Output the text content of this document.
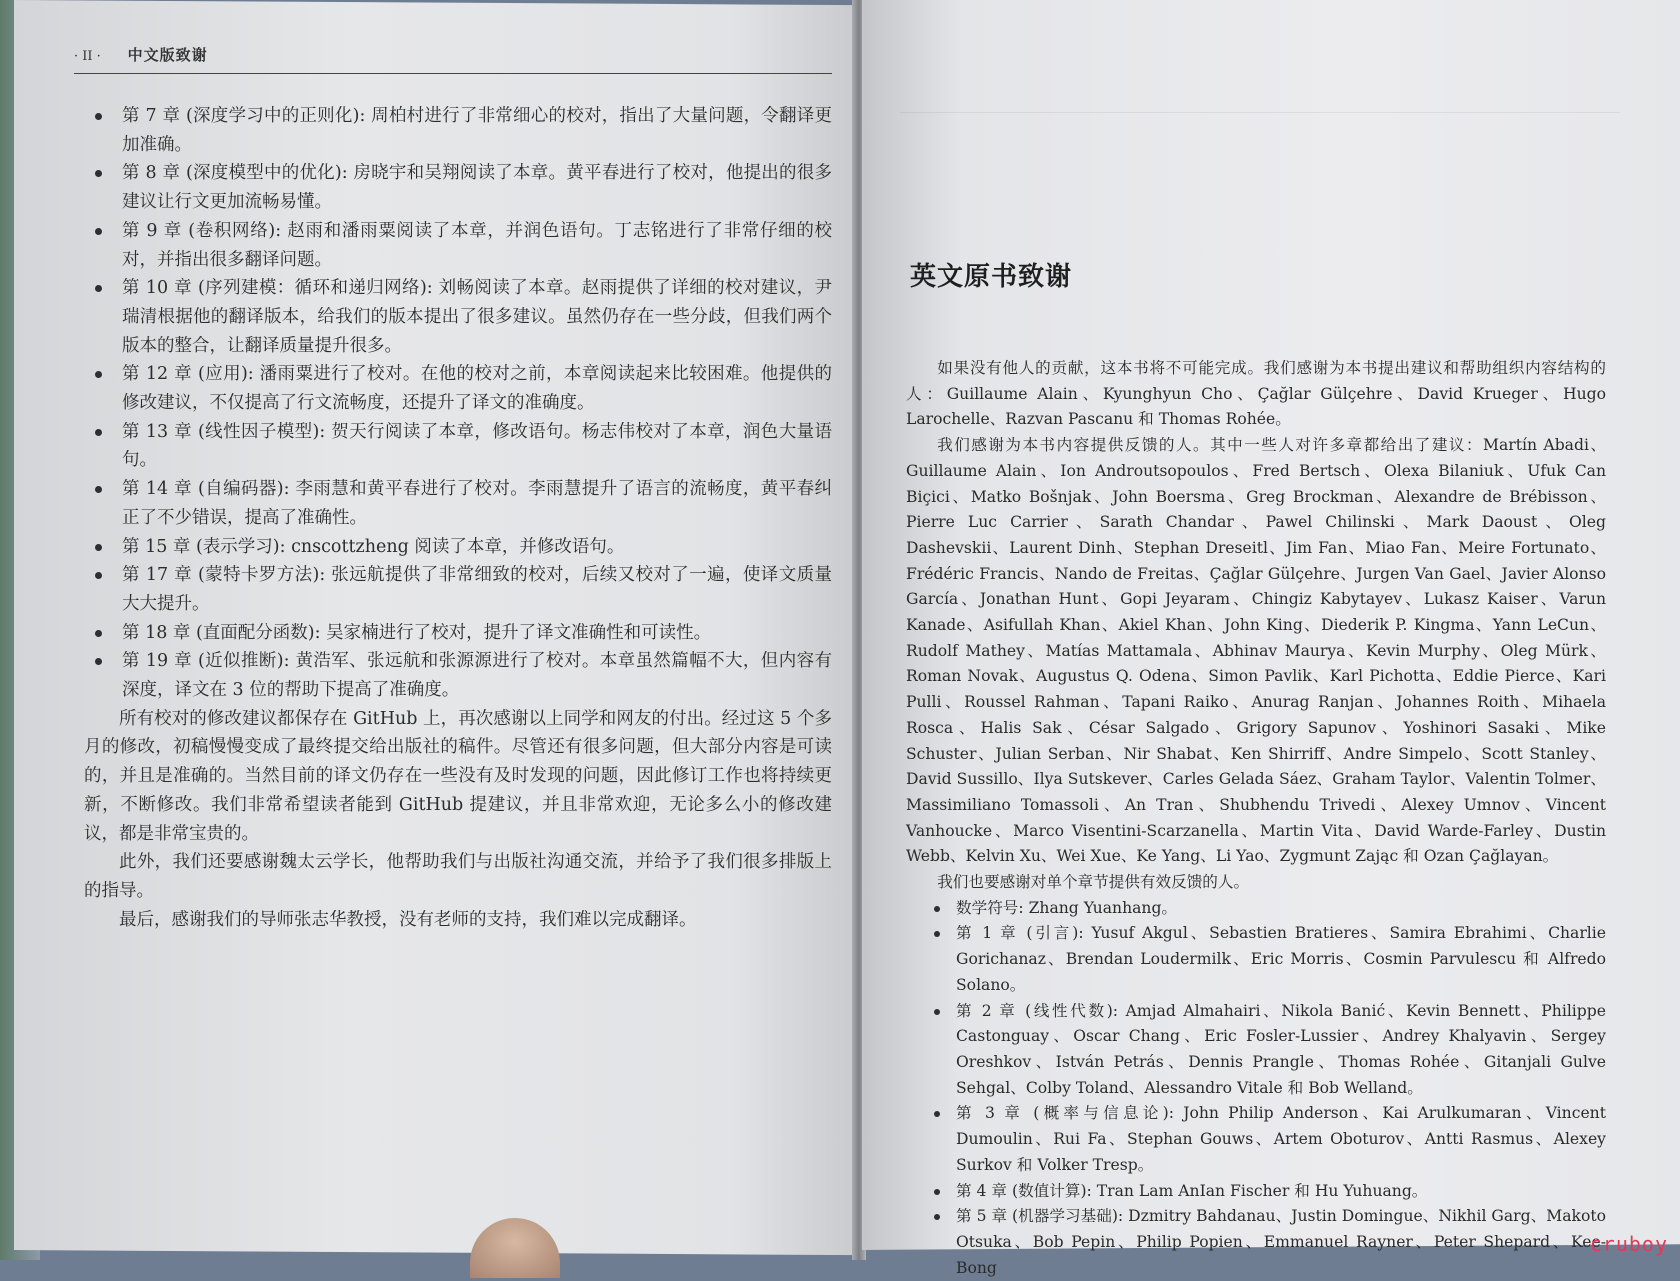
· II · 中文版致谢
第 7 章 (深度学习中的正则化): 周柏村进行了非常细心的校对，指出了大量问题，令翻译更加准确。
第 8 章 (深度模型中的优化): 房晓宇和吴翔阅读了本章。黄平春进行了校对，他提出的很多建议让行文更加流畅易懂。
第 9 章 (卷积网络): 赵雨和潘雨粟阅读了本章，并润色语句。丁志铭进行了非常仔细的校对，并指出很多翻译问题。
第 10 章 (序列建模：循环和递归网络): 刘畅阅读了本章。赵雨提供了详细的校对建议，尹瑞清根据他的翻译版本，给我们的版本提出了很多建议。虽然仍存在一些分歧，但我们两个版本的整合，让翻译质量提升很多。
第 12 章 (应用): 潘雨粟进行了校对。在他的校对之前，本章阅读起来比较困难。他提供的修改建议，不仅提高了行文流畅度，还提升了译文的准确度。
第 13 章 (线性因子模型): 贺天行阅读了本章，修改语句。杨志伟校对了本章，润色大量语句。
第 14 章 (自编码器): 李雨慧和黄平春进行了校对。李雨慧提升了语言的流畅度，黄平春纠正了不少错误，提高了准确性。
第 15 章 (表示学习): cnscottzheng 阅读了本章，并修改语句。
第 17 章 (蒙特卡罗方法): 张远航提供了非常细致的校对，后续又校对了一遍，使译文质量大大提升。
第 18 章 (直面配分函数): 吴家楠进行了校对，提升了译文准确性和可读性。
第 19 章 (近似推断): 黄浩军、张远航和张源源进行了校对。本章虽然篇幅不大，但内容有深度，译文在 3 位的帮助下提高了准确度。

所有校对的修改建议都保存在 GitHub 上，再次感谢以上同学和网友的付出。经过这 5 个多月的修改，初稿慢慢变成了最终提交给出版社的稿件。尽管还有很多问题，但大部分内容是可读的，并且是准确的。当然目前的译文仍存在一些没有及时发现的问题，因此修订工作也将持续更新，不断修改。我们非常希望读者能到 GitHub 提建议，并且非常欢迎，无论多么小的修改建议，都是非常宝贵的。

此外，我们还要感谢魏太云学长，他帮助我们与出版社沟通交流，并给予了我们很多排版上的指导。

最后，感谢我们的导师张志华教授，没有老师的支持，我们难以完成翻译。

英文原书致谢

如果没有他人的贡献，这本书将不可能完成。我们感谢为本书提出建议和帮助组织内容结构的人：Guillaume Alain、Kyunghyun Cho、Çağlar Gülçehre、David Krueger、Hugo Larochelle、Razvan Pascanu 和 Thomas Rohée。

我们感谢为本书内容提供反馈的人。其中一些人对许多章都给出了建议：Martín Abadi、Guillaume Alain、Ion Androutsopoulos、Fred Bertsch、Olexa Bilaniuk、Ufuk Can Biçici、Matko Bošnjak、John Boersma、Greg Brockman、Alexandre de Brébisson、Pierre Luc Carrier、Sarath Chandar、Pawel Chilinski、Mark Daoust、Oleg Dashevskii、Laurent Dinh、Stephan Dreseitl、Jim Fan、Miao Fan、Meire Fortunato、Frédéric Francis、Nando de Freitas、Çağlar Gülçehre、Jurgen Van Gael、Javier Alonso García、Jonathan Hunt、Gopi Jeyaram、Chingiz Kabytayev、Lukasz Kaiser、Varun Kanade、Asifullah Khan、Akiel Khan、John King、Diederik P. Kingma、Yann LeCun、Rudolf Mathey、Matías Mattamala、Abhinav Maurya、Kevin Murphy、Oleg Mürk、Roman Novak、Augustus Q. Odena、Simon Pavlik、Karl Pichotta、Eddie Pierce、Kari Pulli、Roussel Rahman、Tapani Raiko、Anurag Ranjan、Johannes Roith、Mihaela Rosca、Halis Sak、César Salgado、Grigory Sapunov、Yoshinori Sasaki、Mike Schuster、Julian Serban、Nir Shabat、Ken Shirriff、Andre Simpelo、Scott Stanley、David Sussillo、Ilya Sutskever、Carles Gelada Sáez、Graham Taylor、Valentin Tolmer、Massimiliano Tomassoli、An Tran、Shubhendu Trivedi、Alexey Umnov、Vincent Vanhoucke、Marco Visentini-Scarzanella、Martin Vita、David Warde-Farley、Dustin Webb、Kelvin Xu、Wei Xue、Ke Yang、Li Yao、Zygmunt Zając 和 Ozan Çağlayan。

我们也要感谢对单个章节提供有效反馈的人。

数学符号: Zhang Yuanhang。
第 1 章 (引言): Yusuf Akgul、Sebastien Bratieres、Samira Ebrahimi、Charlie Gorichanaz、Brendan Loudermilk、Eric Morris、Cosmin Parvulescu 和 Alfredo Solano。
第 2 章 (线性代数): Amjad Almahairi、Nikola Banić、Kevin Bennett、Philippe Castonguay、Oscar Chang、Eric Fosler-Lussier、Andrey Khalyavin、Sergey Oreshkov、István Petrás、Dennis Prangle、Thomas Rohée、Gitanjali Gulve Sehgal、Colby Toland、Alessandro Vitale 和 Bob Welland。
第 3 章 (概率与信息论): John Philip Anderson、Kai Arulkumaran、Vincent Dumoulin、Rui Fa、Stephan Gouws、Artem Oboturov、Antti Rasmus、Alexey Surkov 和 Volker Tresp。
第 4 章 (数值计算): Tran Lam AnIan Fischer 和 Hu Yuhuang。
第 5 章 (机器学习基础): Dzmitry Bahdanau、Justin Domingue、Nikhil Garg、Makoto Otsuka、Bob Pepin、Philip Popien、Emmanuel Rayner、Peter Shepard、Kee-Bong
cruboy
